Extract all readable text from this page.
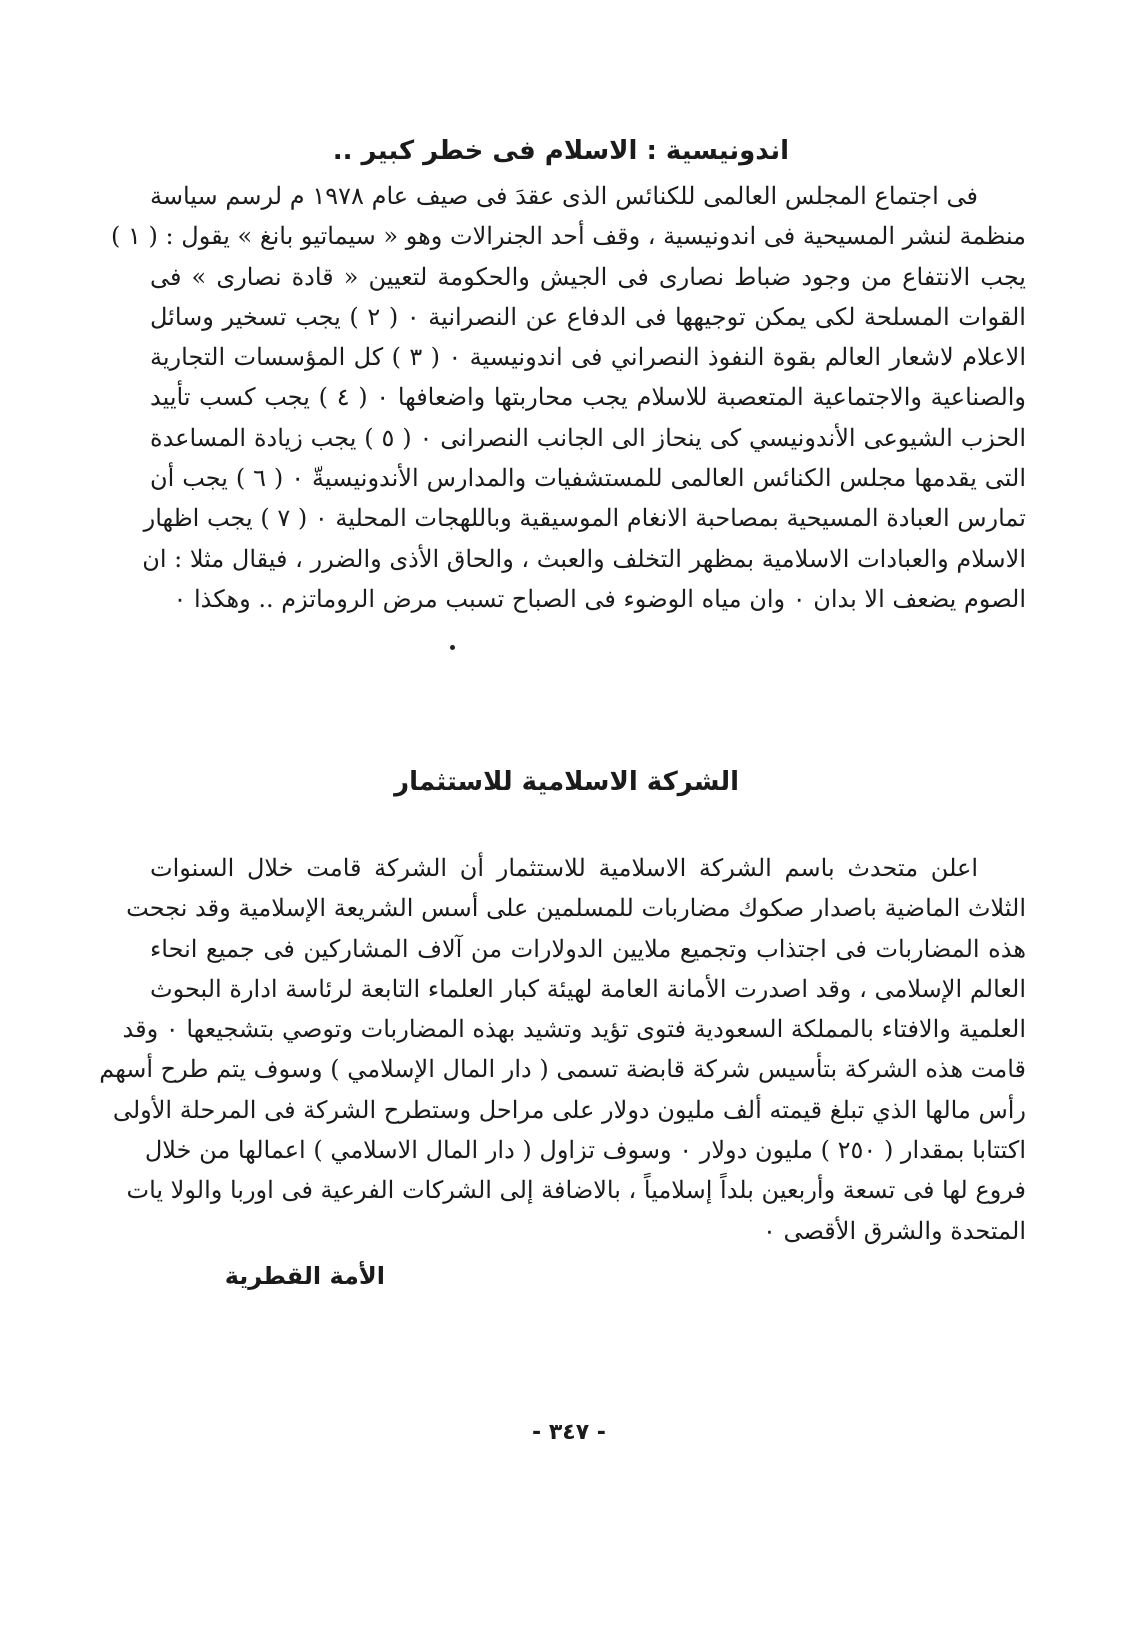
اندونيسية : الاسلام فى خطر كبير ..
فى اجتماع المجلس العالمى للكنائس الذى عقدَ فى صيف عام ١٩٧٨ م لرسم سياسة
منظمة لنشر المسيحية فى اندونيسية ، وقف أحد الجنرالات وهو « سيماتيو بانغ » يقول : ( ١ )
يجب الانتفاع من وجود ضباط نصارى فى الجيش والحكومة لتعيين « قادة نصارى » فى
القوات المسلحة لكى يمكن توجيهها فى الدفاع عن النصرانية ٠ ( ٢ ) يجب تسخير وسائل
الاعلام لاشعار العالم بقوة النفوذ النصراني فى اندونيسية ٠ ( ٣ ) كل المؤسسات التجارية
والصناعية والاجتماعية المتعصبة للاسلام يجب محاربتها واضعافها ٠ ( ٤ ) يجب كسب تأييد
الحزب الشيوعى الأندونيسي كى ينحاز الى الجانب النصرانى ٠ ( ٥ ) يجب زيادة المساعدة
التى يقدمها مجلس الكنائس العالمى للمستشفيات والمدارس الأندونيسيةّ ٠ ( ٦ ) يجب أن
تمارس العبادة المسيحية بمصاحبة الانغام الموسيقية وباللهجات المحلية ٠ ( ٧ ) يجب اظهار
الاسلام والعبادات الاسلامية بمظهر التخلف والعبث ، والحاق الأذى والضرر ، فيقال مثلا : ان
الصوم يضعف الا بدان ٠ وان مياه الوضوء فى الصباح تسبب مرض الروماتزم .. وهكذا ٠
الشركة الاسلامية للاستثمار
اعلن متحدث باسم الشركة الاسلامية للاستثمار أن الشركة قامت خلال السنوات
الثلاث الماضية باصدار صكوك مضاربات للمسلمين على أسس الشريعة الإسلامية وقد نجحت
هذه المضاربات فى اجتذاب وتجميع ملايين الدولارات من آلاف المشاركين فى جميع انحاء
العالم الإسلامى ، وقد اصدرت الأمانة العامة لهيئة كبار العلماء التابعة لرئاسة ادارة البحوث
العلمية والافتاء بالمملكة السعودية فتوى تؤيد وتشيد بهذه المضاربات وتوصي بتشجيعها ٠ وقد
قامت هذه الشركة بتأسيس شركة قابضة تسمى ( دار المال الإسلامي ) وسوف يتم طرح أسهم
رأس مالها الذي تبلغ قيمته ألف مليون دولار على مراحل وستطرح الشركة فى المرحلة الأولى
اكتتابا بمقدار ( ٢٥٠ ) مليون دولار ٠ وسوف تزاول ( دار المال الاسلامي ) اعمالها من خلال
فروع لها فى تسعة وأربعين بلداً إسلامياً ، بالاضافة إلى الشركات الفرعية فى اوربا والولا يات
المتحدة والشرق الأقصى ٠

الأمة القطرية

- ٣٤٧ -
